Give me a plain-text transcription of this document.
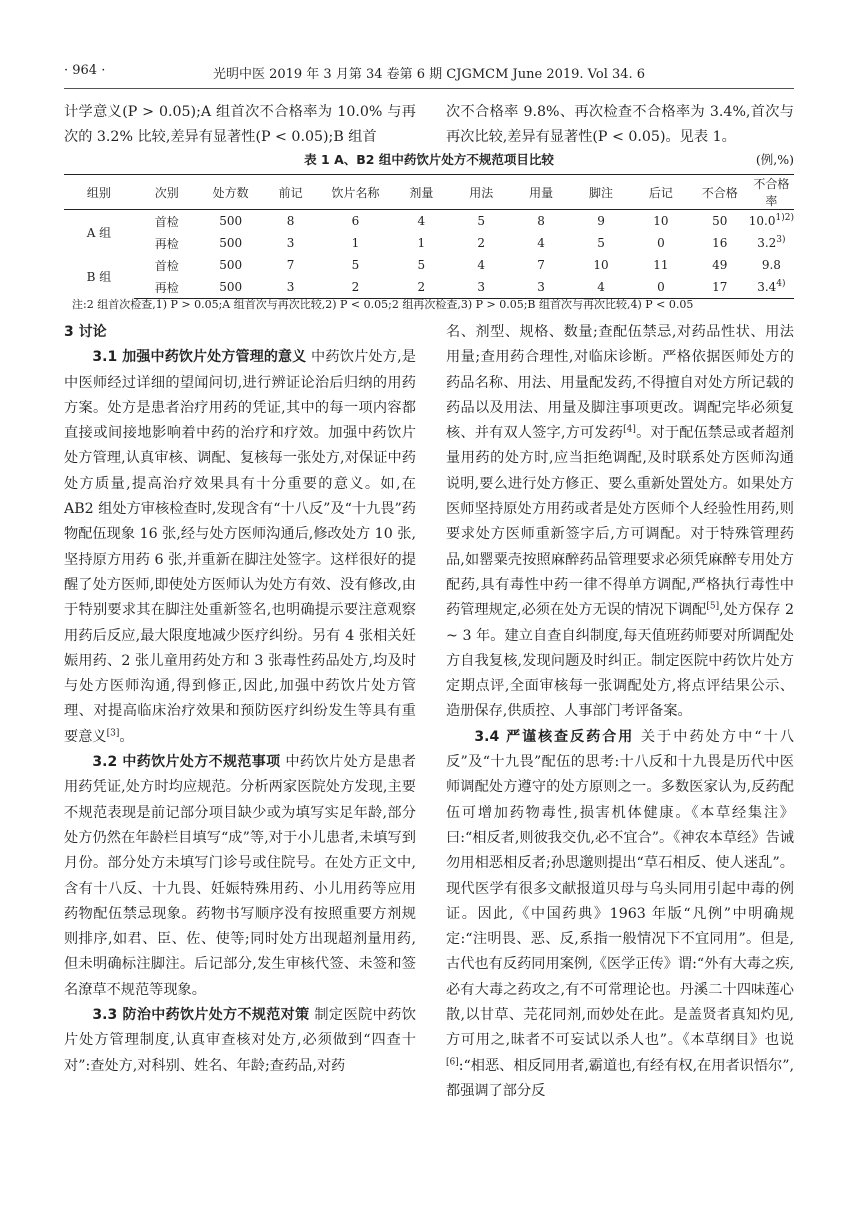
· 964 ·	光明中医 2019 年 3 月第 34 卷第 6 期 CJGMCM June 2019. Vol 34. 6

计学意义(P > 0.05);A 组首次不合格率为 10.0% 与再次的 3.2% 比较,差异有显著性(P < 0.05);B 组首

次不合格率 9.8%、再次检查不合格率为 3.4%,首次与再次比较,差异有显著性(P < 0.05)。见表 1。

表 1 A、B2 组中药饮片处方不规范项目比较	(例,%)
组别	次别	处方数	前记	饮片名称	剂量	用法	用量	脚注	后记	不合格	不合格率
A 组	首检	500	8	6	4	5	8	9	10	50	$10.0^{1)2)}$
	再检	500	3	1	1	2	4	5	0	16	3.2$^{3)}$
B 组	首检	500	7	5	5	4	7	10	11	49	9.8
	再检	500	3	2	2	3	3	4	0	17	3.4$^{4)}$
注:2 组首次检查,1) P > 0.05;A 组首次与再次比较,2) P < 0.05;2 组再次检查,3) P > 0.05;B 组首次与再次比较,4) P < 0.05

3 讨论

3.1 加强中药饮片处方管理的意义 中药饮片处方,是中医师经过详细的望闻问切,进行辨证论治后归纳的用药方案。处方是患者治疗用药的凭证,其中的每一项内容都直接或间接地影响着中药的治疗和疗效。加强中药饮片处方管理,认真审核、调配、复核每一张处方,对保证中药处方质量,提高治疗效果具有十分重要的意义。如,在 AB2 组处方审核检查时,发现含有“十八反”及“十九畏”药物配伍现象 16 张,经与处方医师沟通后,修改处方 10 张,坚持原方用药 6 张,并重新在脚注处签字。这样很好的提醒了处方医师,即使处方医师认为处方有效、没有修改,由于特别要求其在脚注处重新签名,也明确提示要注意观察用药后反应,最大限度地减少医疗纠纷。另有 4 张相关妊娠用药、2 张儿童用药处方和 3 张毒性药品处方,均及时与处方医师沟通,得到修正,因此,加强中药饮片处方管理、对提高临床治疗效果和预防医疗纠纷发生等具有重要意义[3]。

3.2 中药饮片处方不规范事项 中药饮片处方是患者用药凭证,处方时均应规范。分析两家医院处方发现,主要不规范表现是前记部分项目缺少或为填写实足年龄,部分处方仍然在年龄栏目填写“成”等,对于小儿患者,未填写到月份。部分处方未填写门诊号或住院号。在处方正文中,含有十八反、十九畏、妊娠特殊用药、小儿用药等应用药物配伍禁忌现象。药物书写顺序没有按照重要方剂规则排序,如君、臣、佐、使等;同时处方出现超剂量用药,但未明确标注脚注。后记部分,发生审核代签、未签和签名潦草不规范等现象。

3.3 防治中药饮片处方不规范对策 制定医院中药饮片处方管理制度,认真审查核对处方,必须做到“四查十对”:查处方,对科别、姓名、年龄;查药品,对药

名、剂型、规格、数量;查配伍禁忌,对药品性状、用法用量;查用药合理性,对临床诊断。严格依据医师处方的药品名称、用法、用量配发药,不得擅自对处方所记载的药品以及用法、用量及脚注事项更改。调配完毕必须复核、并有双人签字,方可发药[4]。对于配伍禁忌或者超剂量用药的处方时,应当拒绝调配,及时联系处方医师沟通说明,要么进行处方修正、要么重新处置处方。如果处方医师坚持原处方用药或者是处方医师个人经验性用药,则要求处方医师重新签字后,方可调配。对于特殊管理药品,如罂粟壳按照麻醉药品管理要求必须凭麻醉专用处方配药,具有毒性中药一律不得单方调配,严格执行毒性中药管理规定,必须在处方无误的情况下调配[5],处方保存 2 ~ 3 年。建立自查自纠制度,每天值班药师要对所调配处方自我复核,发现问题及时纠正。制定医院中药饮片处方定期点评,全面审核每一张调配处方,将点评结果公示、造册保存,供质控、人事部门考评备案。

3.4 严谨核查反药合用 关于中药处方中“十八反”及“十九畏”配伍的思考:十八反和十九畏是历代中医师调配处方遵守的处方原则之一。多数医家认为,反药配伍可增加药物毒性,损害机体健康。《本草经集注》曰:“相反者,则彼我交仇,必不宜合”。《神农本草经》告诫勿用相恶相反者;孙思邈则提出“草石相反、使人迷乱”。现代医学有很多文献报道贝母与乌头同用引起中毒的例证。因此,《中国药典》1963 年版“凡例”中明确规定:“注明畏、恶、反,系指一般情况下不宜同用”。但是,古代也有反药同用案例,《医学正传》谓:“外有大毒之疾,必有大毒之药攻之,有不可常理论也。丹溪二十四味莲心散,以甘草、芫花同剂,而妙处在此。是盖贤者真知灼见,方可用之,昧者不可妄试以杀人也”。《本草纲目》也说[6]:“相恶、相反同用者,霸道也,有经有权,在用者识悟尔”,都强调了部分反
